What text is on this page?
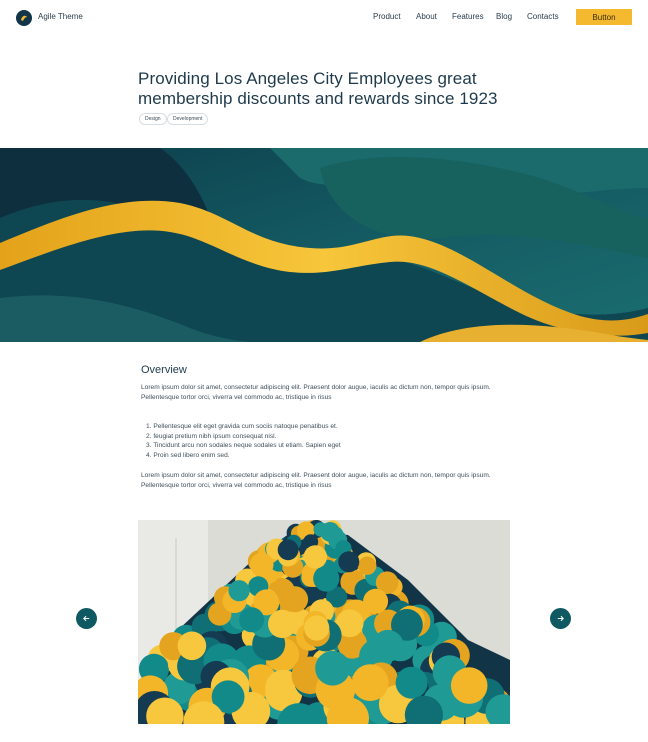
Agile Theme	Product About Features Blog Contacts	Button
Providing Los Angeles City Employees great membership discounts and rewards since 1923
Design	Development
Overview

Lorem ipsum dolor sit amet, consectetur adipiscing elit. Praesent dolor augue, iaculis ac dictum non, tempor quis ipsum. Pellentesque tortor orci, viverra vel commodo ac, tristique in risus

1. Pellentesque elit eget gravida cum sociis natoque penatibus et.
2. feugiat pretium nibh ipsum consequat nisl.
3. Tincidunt arcu non sodales neque sodales ut etiam. Sapien eget
4. Proin sed libero enim sed.

Lorem ipsum dolor sit amet, consectetur adipiscing elit. Praesent dolor augue, iaculis ac dictum non, tempor quis ipsum. Pellentesque tortor orci, viverra vel commodo ac, tristique in risus
